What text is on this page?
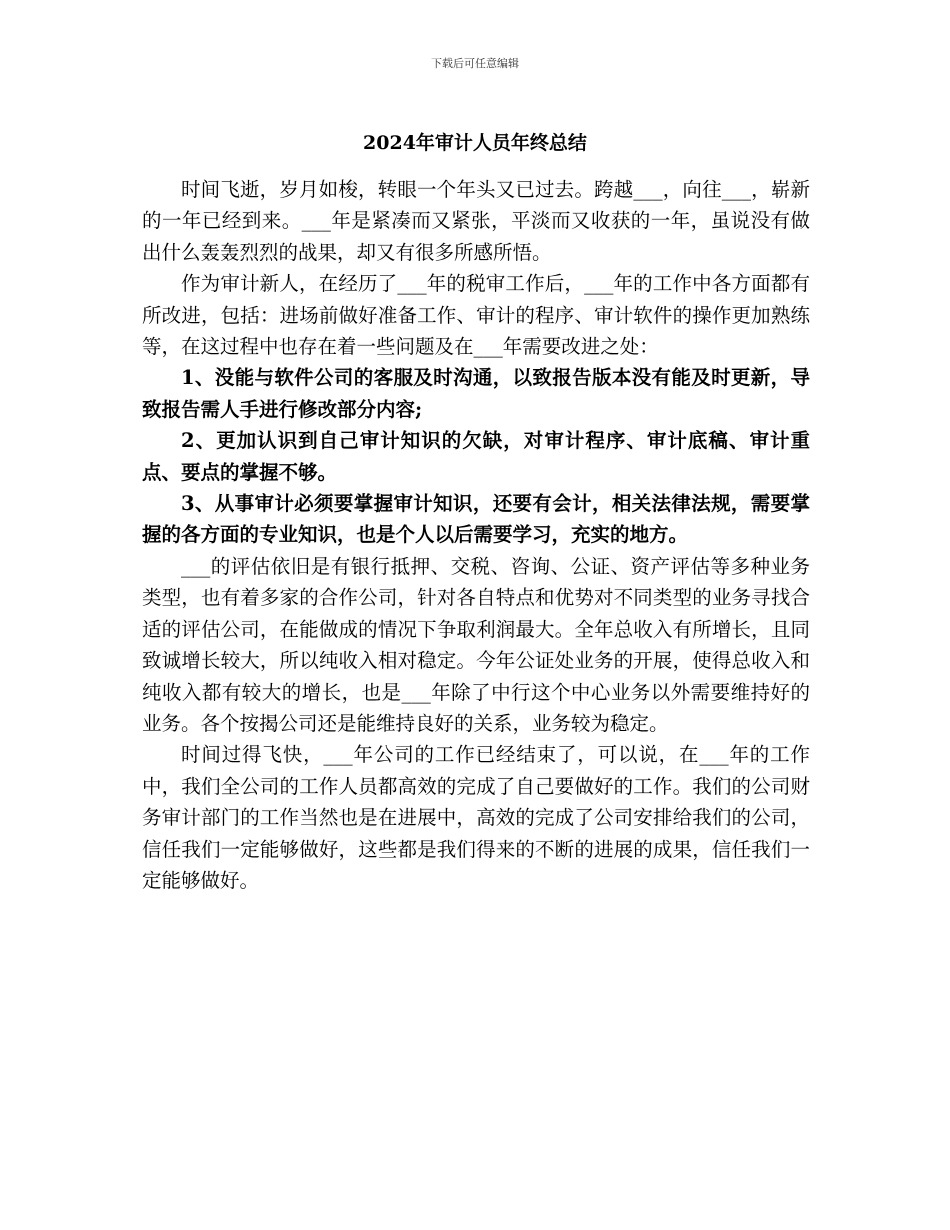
下载后可任意编辑
2024年审计人员年终总结

时间飞逝，岁月如梭，转眼一个年头又已过去。跨越___，向往___，崭新的一年已经到来。___年是紧凑而又紧张，平淡而又收获的一年，虽说没有做出什么轰轰烈烈的战果，却又有很多所感所悟。

作为审计新人，在经历了___年的税审工作后，___年的工作中各方面都有所改进，包括：进场前做好准备工作、审计的程序、审计软件的操作更加熟练等，在这过程中也存在着一些问题及在___年需要改进之处：

1、没能与软件公司的客服及时沟通，以致报告版本没有能及时更新，导致报告需人手进行修改部分内容;

2、更加认识到自己审计知识的欠缺，对审计程序、审计底稿、审计重点、要点的掌握不够。

3、从事审计必须要掌握审计知识，还要有会计，相关法律法规，需要掌握的各方面的专业知识，也是个人以后需要学习，充实的地方。

___的评估依旧是有银行抵押、交税、咨询、公证、资产评估等多种业务类型，也有着多家的合作公司，针对各自特点和优势对不同类型的业务寻找合适的评估公司，在能做成的情况下争取利润最大。全年总收入有所增长，且同致诚增长较大，所以纯收入相对稳定。今年公证处业务的开展，使得总收入和纯收入都有较大的增长，也是___年除了中行这个中心业务以外需要维持好的业务。各个按揭公司还是能维持良好的关系，业务较为稳定。

时间过得飞快，___年公司的工作已经结束了，可以说，在___年的工作中，我们全公司的工作人员都高效的完成了自己要做好的工作。我们的公司财务审计部门的工作当然也是在进展中，高效的完成了公司安排给我们的公司，信任我们一定能够做好，这些都是我们得来的不断的进展的成果，信任我们一定能够做好。
